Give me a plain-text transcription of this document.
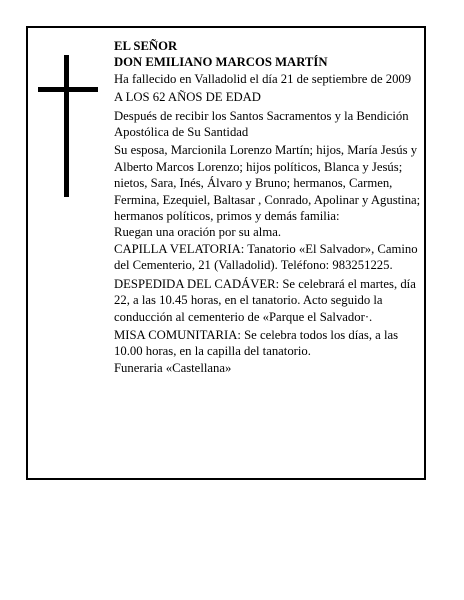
EL SEÑOR

DON EMILIANO MARCOS MARTÍN

Ha fallecido en Valladolid el día 21 de septiembre de 2009

A LOS 62 AÑOS DE EDAD

Después de recibir los Santos Sacramentos y la Bendición Apostólica de Su Santidad

Su esposa, Marcionila Lorenzo Martín; hijos, María Jesús y Alberto Marcos Lorenzo; hijos políticos, Blanca y Jesús; nietos, Sara, Inés, Álvaro y Bruno; hermanos, Carmen, Fermina, Ezequiel, Baltasar , Conrado, Apolinar y Agustina; hermanos políticos, primos y demás familia:

Ruegan una oración por su alma.

CAPILLA VELATORIA: Tanatorio «El Salvador», Camino del Cementerio, 21 (Valladolid). Teléfono: 983251225.

DESPEDIDA DEL CADÁVER: Se celebrará el martes, día 22, a las 10.45 horas, en el tanatorio. Acto seguido la conducción al cementerio de «Parque el Salvador·.

MISA COMUNITARIA: Se celebra todos los días, a las 10.00 horas, en la capilla del tanatorio.

Funeraria «Castellana»
